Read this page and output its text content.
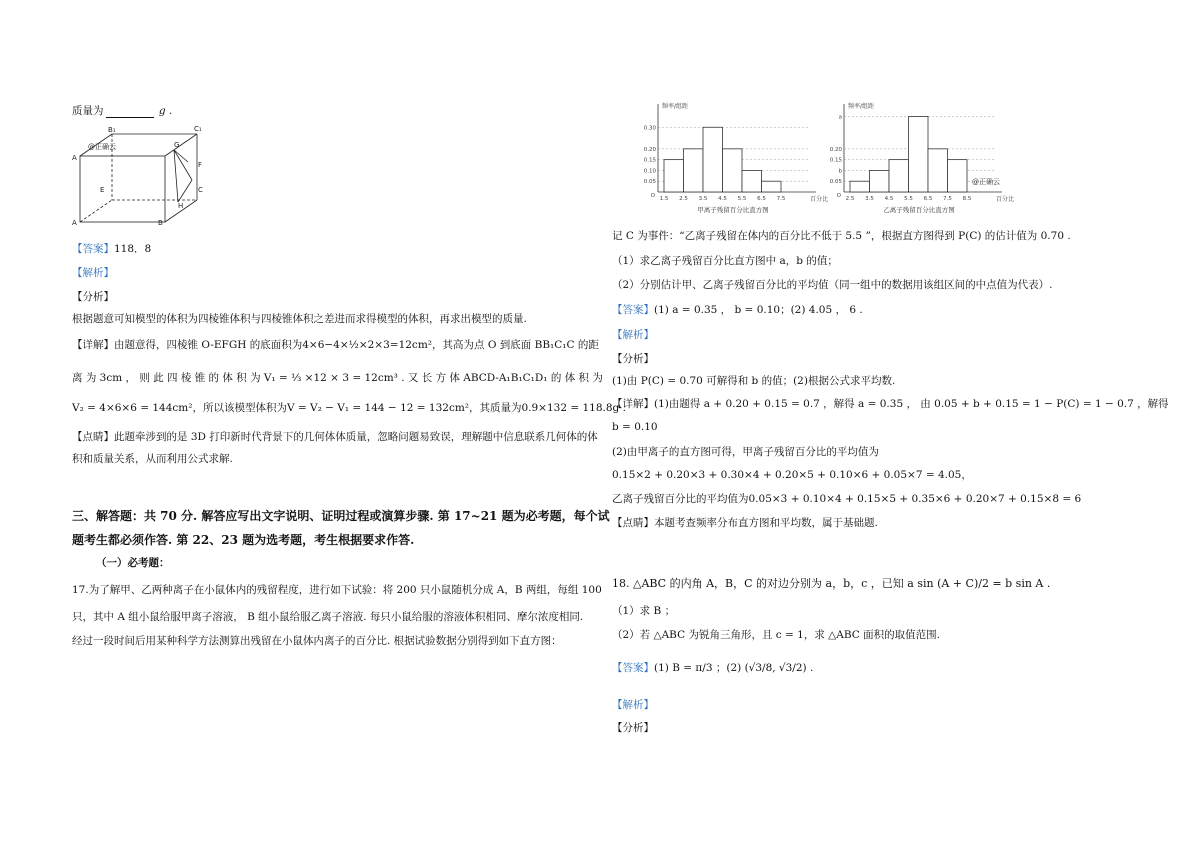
质量为	g .
B₁	C₁
@正确云	G
A
F
E
H
C
A	B
【答案】118．8
【解析】
【分析】
根据题意可知模型的体积为四棱锥体积与四棱锥体积之差进而求得模型的体积，再求出模型的质量.
【详解】由题意得，四棱锥 O-EFGH 的底面积为4×6−4×½×2×3=12cm²，其高为点 O 到底面 BB₁C₁C 的距
离 为 3cm ， 则 此 四 棱 锥 的 体 积 为 V₁ = ⅓ ×12 × 3 = 12cm³ . 又 长 方 体 ABCD-A₁B₁C₁D₁ 的 体 积 为
V₂ = 4×6×6 = 144cm²，所以该模型体积为V = V₂ − V₁ = 144 − 12 = 132cm²，其质量为0.9×132 = 118.8g .
【点睛】此题牵涉到的是 3D 打印新时代背景下的几何体体质量，忽略问题易致误，理解题中信息联系几何体的体
积和质量关系，从而利用公式求解.
三、解答题：共 70 分. 解答应写出文字说明、证明过程或演算步骤. 第 17~21 题为必考题，每个试
题考生都必须作答. 第 22、23 题为选考题，考生根据要求作答.
（一）必考题：
17.为了解甲、乙两种离子在小鼠体内的残留程度，进行如下试验：将 200 只小鼠随机分成 A，B 两组，每组 100
只，其中 A 组小鼠给服甲离子溶液， B 组小鼠给服乙离子溶液. 每只小鼠给服的溶液体积相同、摩尔浓度相同.
经过一段时间后用某种科学方法测算出残留在小鼠体内离子的百分比. 根据试验数据分别得到如下直方图：
频率/组距
百分比
0.30
0.20
0.15
0.10
0.05
1.5 2.5 3.5 4.5 5.5 6.5 7.5
O
甲离子残留百分比直方图
频率/组距
百分比
a
0.20
0.15
b
0.05
2.5 3.5 4.5 5.5 6.5 7.5 8.5
O
乙离子残留百分比直方图
@正确云
记 C 为事件：“乙离子残留在体内的百分比不低于 5.5 ”，根据直方图得到 P(C) 的估计值为 0.70 .
（1）求乙离子残留百分比直方图中 a，b 的值；
（2）分别估计甲、乙离子残留百分比的平均值（同一组中的数据用该组区间的中点值为代表）.
【答案】(1) a = 0.35 ， b = 0.10；(2) 4.05 ， 6 .
【解析】
【分析】
(1)由 P(C) = 0.70 可解得和 b 的值；(2)根据公式求平均数.
【详解】(1)由题得 a + 0.20 + 0.15 = 0.7 ，解得 a = 0.35 ， 由 0.05 + b + 0.15 = 1 − P(C) = 1 − 0.7 ，解得
b = 0.10
(2)由甲离子的直方图可得，甲离子残留百分比的平均值为
0.15×2 + 0.20×3 + 0.30×4 + 0.20×5 + 0.10×6 + 0.05×7 = 4.05，
乙离子残留百分比的平均值为0.05×3 + 0.10×4 + 0.15×5 + 0.35×6 + 0.20×7 + 0.15×8 = 6
【点睛】本题考查频率分布直方图和平均数，属于基础题.
18. △ABC 的内角 A，B，C 的对边分别为 a，b，c ，已知 a sin (A + C)/2 = b sin A .
（1）求 B ；
（2）若 △ABC 为锐角三角形，且 c = 1，求 △ABC 面积的取值范围.
【答案】(1) B = π/3 ；(2) (√3/8, √3/2) .
【解析】
【分析】
